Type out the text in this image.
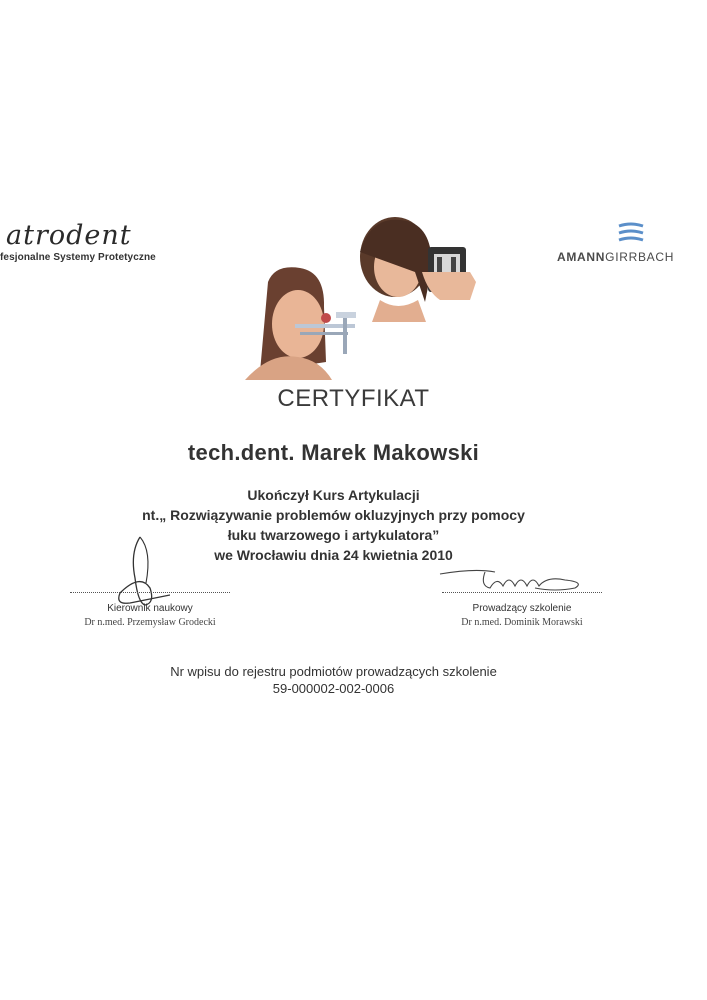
atrodent
fesjonalne Systemy Protetyczne	AMANNGIRRBACH
CERTYFIKAT
tech.dent. Marek Makowski
Ukończył Kurs Artykulacji
nt.„ Rozwiązywanie problemów okluzyjnych przy pomocy
łuku twarzowego i artykulatora”
we Wrocławiu dnia 24 kwietnia 2010
Kierownik naukowy
Dr n.med. Przemysław Grodecki
Prowadzący szkolenie
Dr n.med. Dominik Morawski
Nr wpisu do rejestru podmiotów prowadzących szkolenie
59-000002-002-0006
